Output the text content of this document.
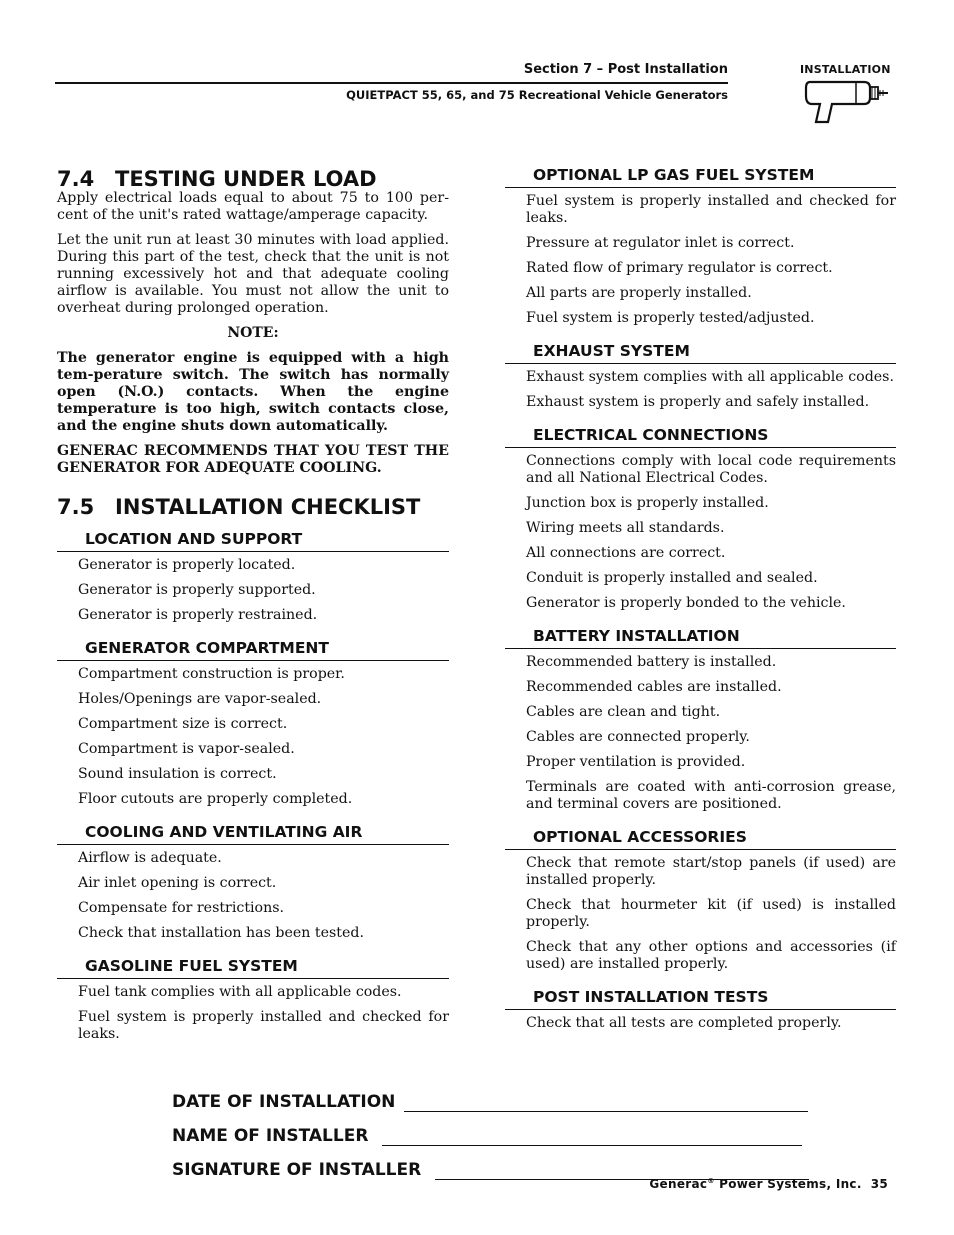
Section 7 – Post Installation
QUIETPACT 55, 65, and 75 Recreational Vehicle Generators
INSTALLATION
7.4 TESTING UNDER LOAD

Apply electrical loads equal to about 75 to 100 per-cent of the unit's rated wattage/amperage capacity.

Let the unit run at least 30 minutes with load applied. During this part of the test, check that the unit is not running excessively hot and that adequate cooling airflow is available. You must not allow the unit to overheat during prolonged operation.

NOTE:

The generator engine is equipped with a high tem-perature switch. The switch has normally open (N.O.) contacts. When the engine temperature is too high, switch contacts close, and the engine shuts down automatically.

GENERAC RECOMMENDS THAT YOU TEST THE GENERATOR FOR ADEQUATE COOLING.

7.5 INSTALLATION CHECKLIST
LOCATION AND SUPPORT
Generator is properly located.
Generator is properly supported.
Generator is properly restrained.
GENERATOR COMPARTMENT
Compartment construction is proper.
Holes/Openings are vapor-sealed.
Compartment size is correct.
Compartment is vapor-sealed.
Sound insulation is correct.
Floor cutouts are properly completed.
COOLING AND VENTILATING AIR
Airflow is adequate.
Air inlet opening is correct.
Compensate for restrictions.
Check that installation has been tested.
GASOLINE FUEL SYSTEM
Fuel tank complies with all applicable codes.
Fuel system is properly installed and checked for leaks.
OPTIONAL LP GAS FUEL SYSTEM
Fuel system is properly installed and checked for leaks.
Pressure at regulator inlet is correct.
Rated flow of primary regulator is correct.
All parts are properly installed.
Fuel system is properly tested/adjusted.
EXHAUST SYSTEM
Exhaust system complies with all applicable codes.
Exhaust system is properly and safely installed.
ELECTRICAL CONNECTIONS
Connections comply with local code requirements and all National Electrical Codes.
Junction box is properly installed.
Wiring meets all standards.
All connections are correct.
Conduit is properly installed and sealed.
Generator is properly bonded to the vehicle.
BATTERY INSTALLATION
Recommended battery is installed.
Recommended cables are installed.
Cables are clean and tight.
Cables are connected properly.
Proper ventilation is provided.
Terminals are coated with anti-corrosion grease, and terminal covers are positioned.
OPTIONAL ACCESSORIES
Check that remote start/stop panels (if used) are installed properly.
Check that hourmeter kit (if used) is installed properly.
Check that any other options and accessories (if used) are installed properly.
POST INSTALLATION TESTS
Check that all tests are completed properly.
DATE OF INSTALLATION
NAME OF INSTALLER
SIGNATURE OF INSTALLER
Generac® Power Systems, Inc. 35
